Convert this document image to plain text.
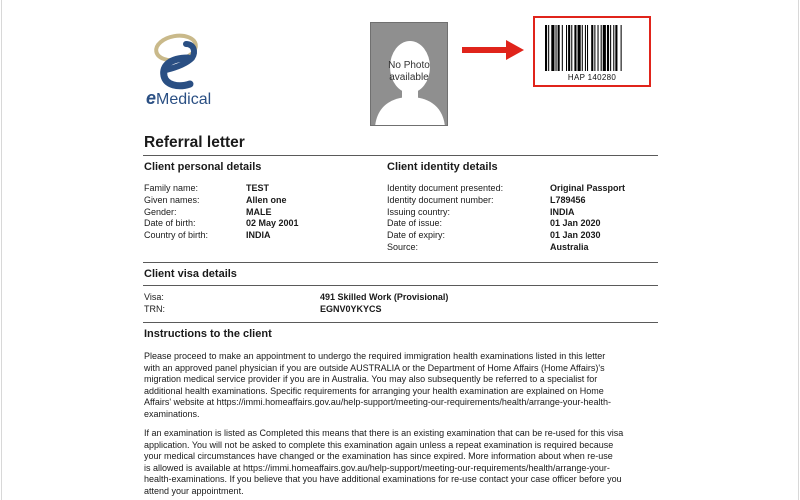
eMedical
No Photo
available	HAP 140280
Referral letter
Client personal details
Family name:	TEST
Given names:	Allen one
Gender:	MALE
Date of birth:	02 May 2001
Country of birth:	INDIA
Client identity details
Identity document presented:	Original Passport
Identity document number:	L789456
Issuing country:	INDIA
Date of issue:	01 Jan 2020
Date of expiry:	01 Jan 2030
Source:	Australia
Client visa details
Visa:	491 Skilled Work (Provisional)
TRN:	EGNV0YKYCS
Instructions to the client

Please proceed to make an appointment to undergo the required immigration health examinations listed in this letter

with an approved panel physician if you are outside AUSTRALIA or the Department of Home Affairs (Home Affairs)'s

migration medical service provider if you are in Australia. You may also subsequently be referred to a specialist for

additional health examinations. Specific requirements for arranging your health examination are explained on Home

Affairs' website at https://immi.homeaffairs.gov.au/help-support/meeting-our-requirements/health/arrange-your-health-

examinations.

If an examination is listed as Completed this means that there is an existing examination that can be re-used for this visa

application. You will not be asked to complete this examination again unless a repeat examination is required because

your medical circumstances have changed or the examination has since expired. More information about when re-use

is allowed is available at https://immi.homeaffairs.gov.au/help-support/meeting-our-requirements/health/arrange-your-

health-examinations. If you believe that you have additional examinations for re-use contact your case officer before you

attend your appointment.
